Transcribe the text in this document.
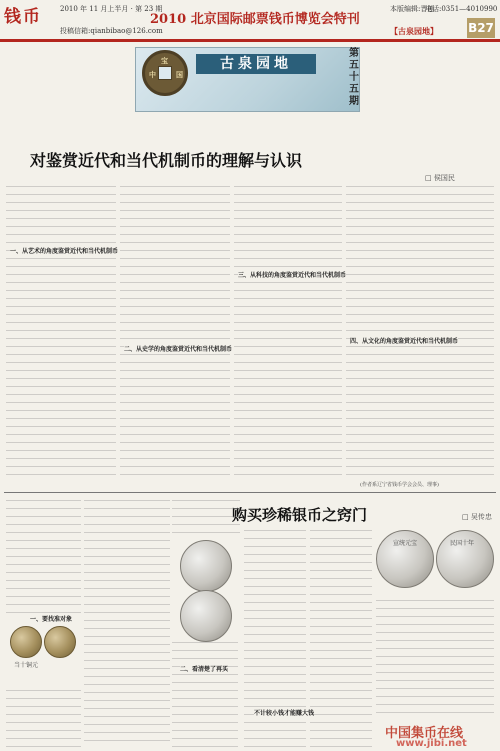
钱币	2010 年 11 月上半月 · 第 23 期
投稿信箱:qianbibao@126.com
2010 北京国际邮票钱币博览会特刊
本版编辑:晋莲
电话:0351—4010990
【古泉园地】	B27
宝
中	国
古泉园地
第五十五期
对鉴赏近代和当代机制币的理解与认识
□ 侯国民
一、从艺术的角度鉴赏近代和当代机制币
二、从史学的角度鉴赏近代和当代机制币
三、从科技的角度鉴赏近代和当代机制币
四、从文化的角度鉴赏近代和当代机制币
(作者系辽宁省钱币学会会员、理事)
购买珍稀银币之窍门	□ 吴传忠
一、要找准对象
二、看清楚了再买
不计较小钱才能赚大钱
当十铜元
宣统元宝	民国十年
中国集币在线
www.jibi.net
